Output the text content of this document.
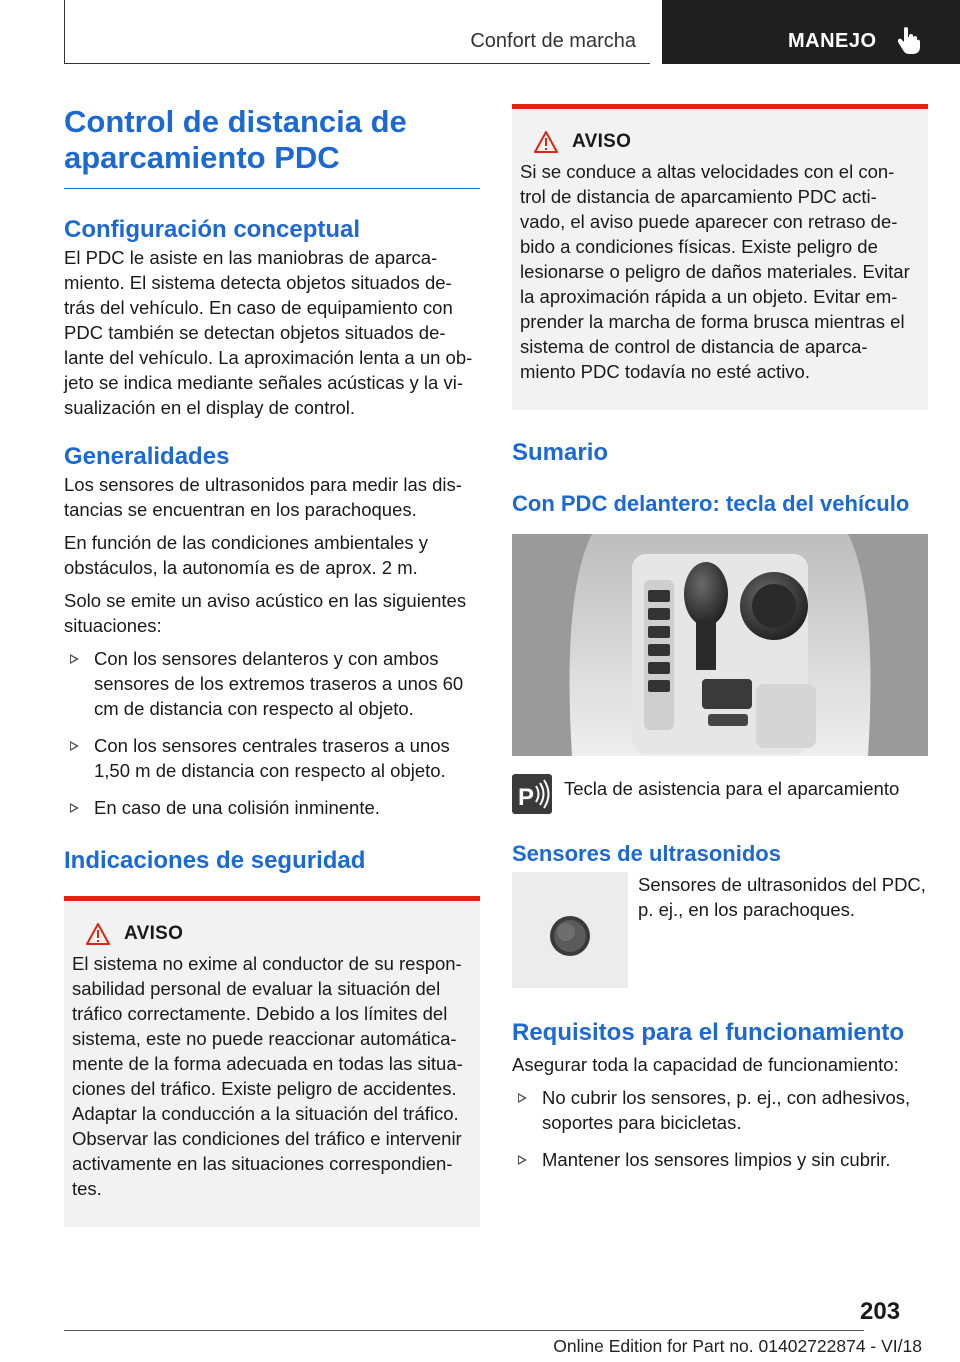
Confort de marcha	MANEJO
Control de distancia de aparcamiento PDC
Configuración conceptual

El PDC le asiste en las maniobras de aparca-miento. El sistema detecta objetos situados de-trás del vehículo. En caso de equipamiento con PDC también se detectan objetos situados de-lante del vehículo. La aproximación lenta a un ob-jeto se indica mediante señales acústicas y la vi-sualización en el display de control.

Generalidades

Los sensores de ultrasonidos para medir las dis-tancias se encuentran en los parachoques.

En función de las condiciones ambientales y obstáculos, la autonomía es de aprox. 2 m.

Solo se emite un aviso acústico en las siguientes situaciones:

Con los sensores delanteros y con ambos sensores de los extremos traseros a unos 60 cm de distancia con respecto al objeto.
Con los sensores centrales traseros a unos 1,50 m de distancia con respecto al objeto.
En caso de una colisión inminente.
Indicaciones de seguridad
AVISO

El sistema no exime al conductor de su respon-sabilidad personal de evaluar la situación del tráfico correctamente. Debido a los límites del sistema, este no puede reaccionar automática-mente de la forma adecuada en todas las situa-ciones del tráfico. Existe peligro de accidentes. Adaptar la conducción a la situación del tráfico. Observar las condiciones del tráfico e intervenir activamente en las situaciones correspondien-tes.

AVISO

Si se conduce a altas velocidades con el con-trol de distancia de aparcamiento PDC acti-vado, el aviso puede aparecer con retraso de-bido a condiciones físicas. Existe peligro de lesionarse o peligro de daños materiales. Evitar la aproximación rápida a un objeto. Evitar em-prender la marcha de forma brusca mientras el sistema de control de distancia de aparca-miento PDC todavía no esté activo.

Sumario
Con PDC delantero: tecla del vehículo
P Tecla de asistencia para el aparcamiento

Sensores de ultrasonidos

Sensores de ultrasonidos del PDC, p. ej., en los parachoques.

Requisitos para el funcionamiento

Asegurar toda la capacidad de funcionamiento:

No cubrir los sensores, p. ej., con adhesivos, soportes para bicicletas.
Mantener los sensores limpios y sin cubrir.
203
Online Edition for Part no. 01402722874 - VI/18
